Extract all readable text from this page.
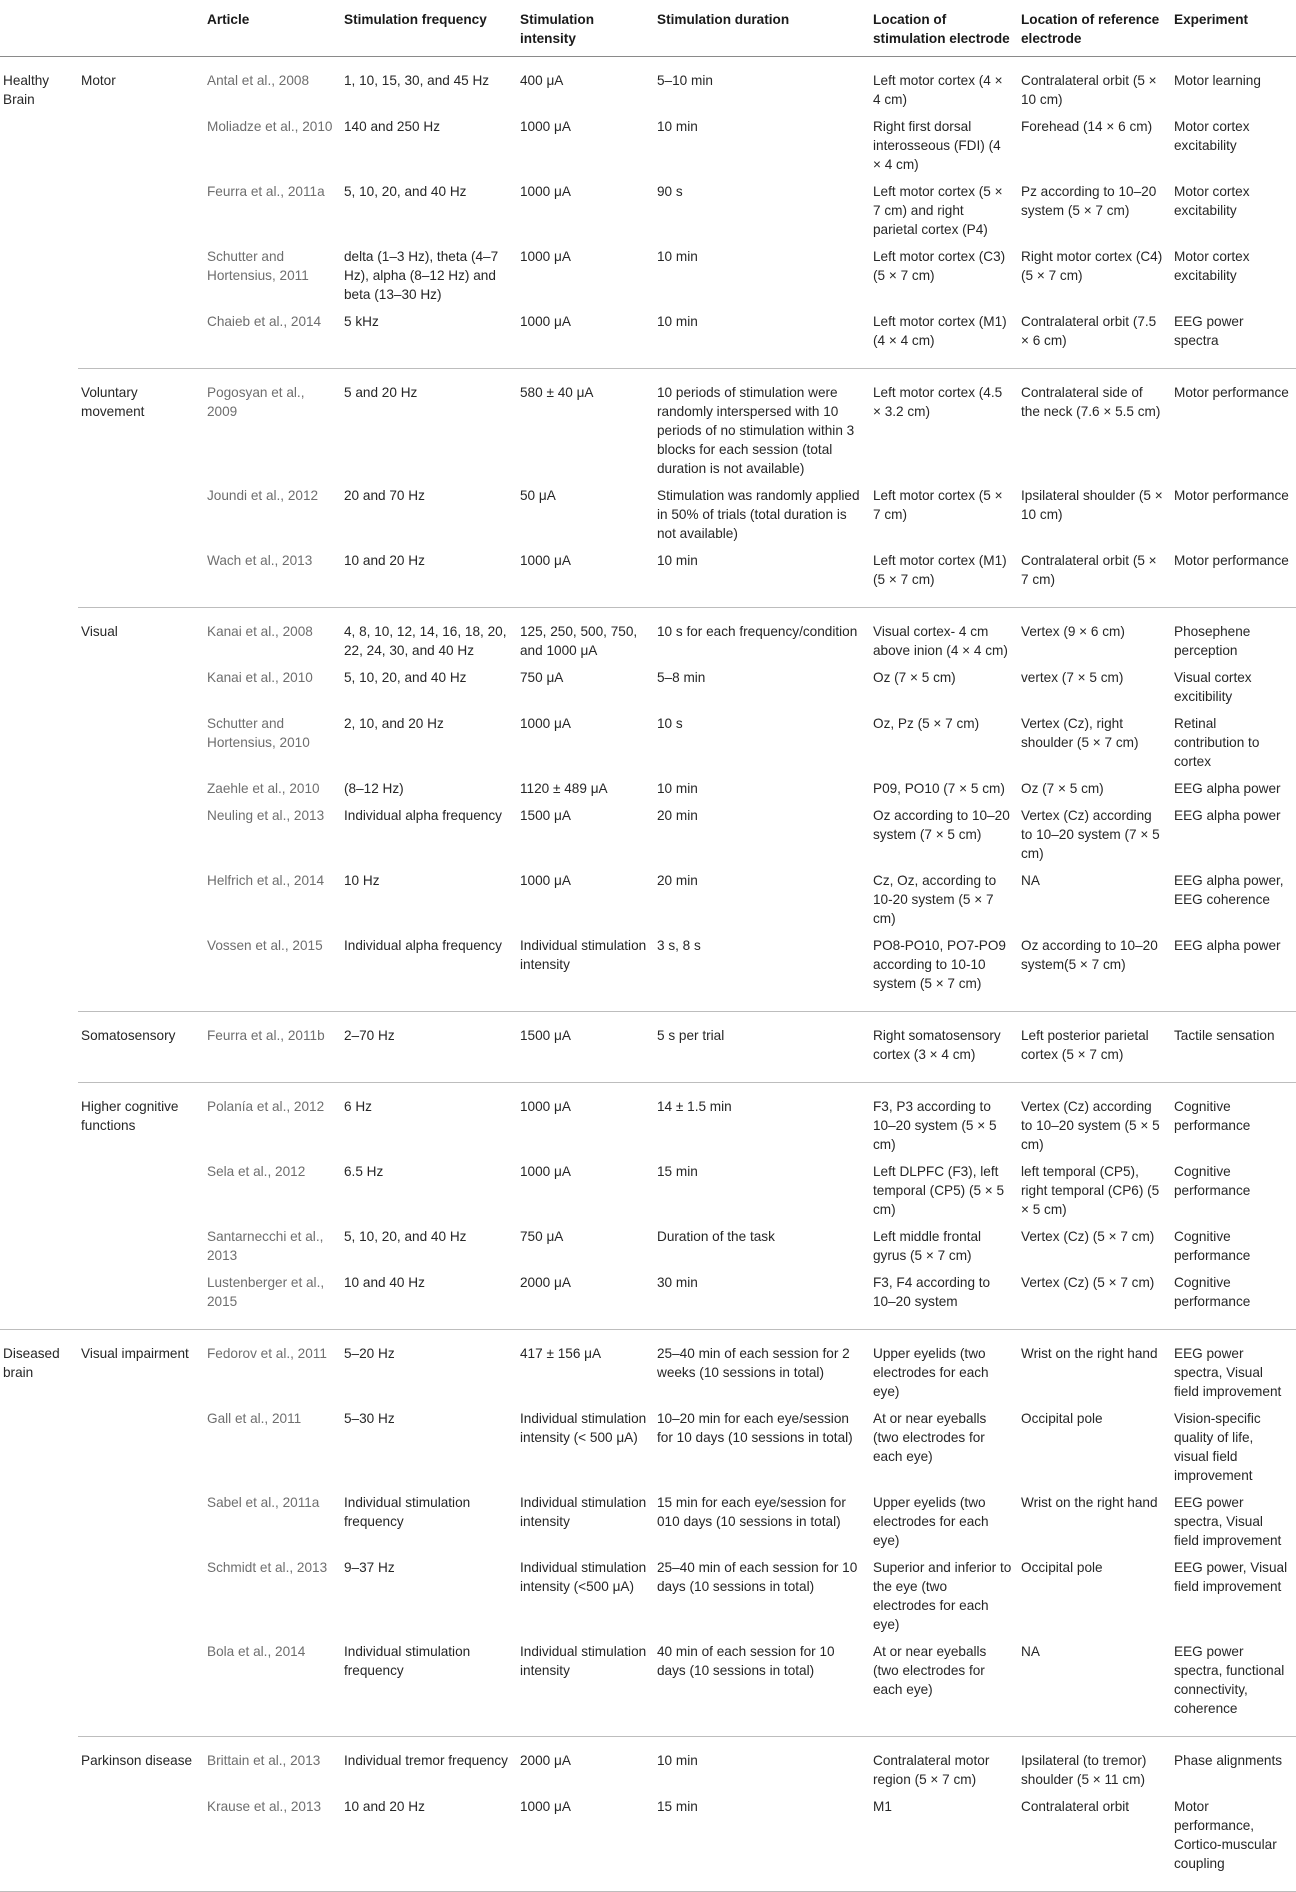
		Article	Stimulation frequency	Stimulation intensity	Stimulation duration	Location of stimulation electrode	Location of reference electrode	Experiment
Healthy Brain	Motor	Antal et al., 2008	1, 10, 15, 30, and 45 Hz	400 μA	5–10 min	Left motor cortex (4 × 4 cm)	Contralateral orbit (5 × 10 cm)	Motor learning
		Moliadze et al., 2010	140 and 250 Hz	1000 μA	10 min	Right first dorsal interosseous (FDI) (4 × 4 cm)	Forehead (14 × 6 cm)	Motor cortex excitability
		Feurra et al., 2011a	5, 10, 20, and 40 Hz	1000 μA	90 s	Left motor cortex (5 × 7 cm) and right parietal cortex (P4)	Pz according to 10–20 system (5 × 7 cm)	Motor cortex excitability
		Schutter and Hortensius, 2011	delta (1–3 Hz), theta (4–7 Hz), alpha (8–12 Hz) and beta (13–30 Hz)	1000 μA	10 min	Left motor cortex (C3) (5 × 7 cm)	Right motor cortex (C4) (5 × 7 cm)	Motor cortex excitability
		Chaieb et al., 2014	5 kHz	1000 μA	10 min	Left motor cortex (M1) (4 × 4 cm)	Contralateral orbit (7.5 × 6 cm)	EEG power spectra
	Voluntary movement	Pogosyan et al., 2009	5 and 20 Hz	580 ± 40 μA	10 periods of stimulation were randomly interspersed with 10 periods of no stimulation within 3 blocks for each session (total duration is not available)	Left motor cortex (4.5 × 3.2 cm)	Contralateral side of the neck (7.6 × 5.5 cm)	Motor performance
		Joundi et al., 2012	20 and 70 Hz	50 μA	Stimulation was randomly applied in 50% of trials (total duration is not available)	Left motor cortex (5 × 7 cm)	Ipsilateral shoulder (5 × 10 cm)	Motor performance
		Wach et al., 2013	10 and 20 Hz	1000 μA	10 min	Left motor cortex (M1) (5 × 7 cm)	Contralateral orbit (5 × 7 cm)	Motor performance
	Visual	Kanai et al., 2008	4, 8, 10, 12, 14, 16, 18, 20, 22, 24, 30, and 40 Hz	125, 250, 500, 750, and 1000 μA	10 s for each frequency/condition	Visual cortex- 4 cm above inion (4 × 4 cm)	Vertex (9 × 6 cm)	Phosephene perception
		Kanai et al., 2010	5, 10, 20, and 40 Hz	750 μA	5–8 min	Oz (7 × 5 cm)	vertex (7 × 5 cm)	Visual cortex excitibility
		Schutter and Hortensius, 2010	2, 10, and 20 Hz	1000 μA	10 s	Oz, Pz (5 × 7 cm)	Vertex (Cz), right shoulder (5 × 7 cm)	Retinal contribution to cortex
		Zaehle et al., 2010	(8–12 Hz)	1120 ± 489 μA	10 min	P09, PO10 (7 × 5 cm)	Oz (7 × 5 cm)	EEG alpha power
		Neuling et al., 2013	Individual alpha frequency	1500 μA	20 min	Oz according to 10–20 system (7 × 5 cm)	Vertex (Cz) according to 10–20 system (7 × 5 cm)	EEG alpha power
		Helfrich et al., 2014	10 Hz	1000 μA	20 min	Cz, Oz, according to 10-20 system (5 × 7 cm)	NA	EEG alpha power, EEG coherence
		Vossen et al., 2015	Individual alpha frequency	Individual stimulation intensity	3 s, 8 s	PO8-PO10, PO7-PO9 according to 10-10 system (5 × 7 cm)	Oz according to 10–20 system(5 × 7 cm)	EEG alpha power
	Somatosensory	Feurra et al., 2011b	2–70 Hz	1500 μA	5 s per trial	Right somatosensory cortex (3 × 4 cm)	Left posterior parietal cortex (5 × 7 cm)	Tactile sensation
	Higher cognitive functions	Polanía et al., 2012	6 Hz	1000 μA	14 ± 1.5 min	F3, P3 according to 10–20 system (5 × 5 cm)	Vertex (Cz) according to 10–20 system (5 × 5 cm)	Cognitive performance
		Sela et al., 2012	6.5 Hz	1000 μA	15 min	Left DLPFC (F3), left temporal (CP5) (5 × 5 cm)	left temporal (CP5), right temporal (CP6) (5 × 5 cm)	Cognitive performance
		Santarnecchi et al., 2013	5, 10, 20, and 40 Hz	750 μA	Duration of the task	Left middle frontal gyrus (5 × 7 cm)	Vertex (Cz) (5 × 7 cm)	Cognitive performance
		Lustenberger et al., 2015	10 and 40 Hz	2000 μA	30 min	F3, F4 according to 10–20 system	Vertex (Cz) (5 × 7 cm)	Cognitive performance
Diseased brain	Visual impairment	Fedorov et al., 2011	5–20 Hz	417 ± 156 μA	25–40 min of each session for 2 weeks (10 sessions in total)	Upper eyelids (two electrodes for each eye)	Wrist on the right hand	EEG power spectra, Visual field improvement
		Gall et al., 2011	5–30 Hz	Individual stimulation intensity (< 500 μA)	10–20 min for each eye/session for 10 days (10 sessions in total)	At or near eyeballs (two electrodes for each eye)	Occipital pole	Vision-specific quality of life, visual field improvement
		Sabel et al., 2011a	Individual stimulation frequency	Individual stimulation intensity	15 min for each eye/session for 010 days (10 sessions in total)	Upper eyelids (two electrodes for each eye)	Wrist on the right hand	EEG power spectra, Visual field improvement
		Schmidt et al., 2013	9–37 Hz	Individual stimulation intensity (<500 μA)	25–40 min of each session for 10 days (10 sessions in total)	Superior and inferior to the eye (two electrodes for each eye)	Occipital pole	EEG power, Visual field improvement
		Bola et al., 2014	Individual stimulation frequency	Individual stimulation intensity	40 min of each session for 10 days (10 sessions in total)	At or near eyeballs (two electrodes for each eye)	NA	EEG power spectra, functional connectivity, coherence
	Parkinson disease	Brittain et al., 2013	Individual tremor frequency	2000 μA	10 min	Contralateral motor region (5 × 7 cm)	Ipsilateral (to tremor) shoulder (5 × 11 cm)	Phase alignments
		Krause et al., 2013	10 and 20 Hz	1000 μA	15 min	M1	Contralateral orbit	Motor performance, Cortico-muscular coupling
